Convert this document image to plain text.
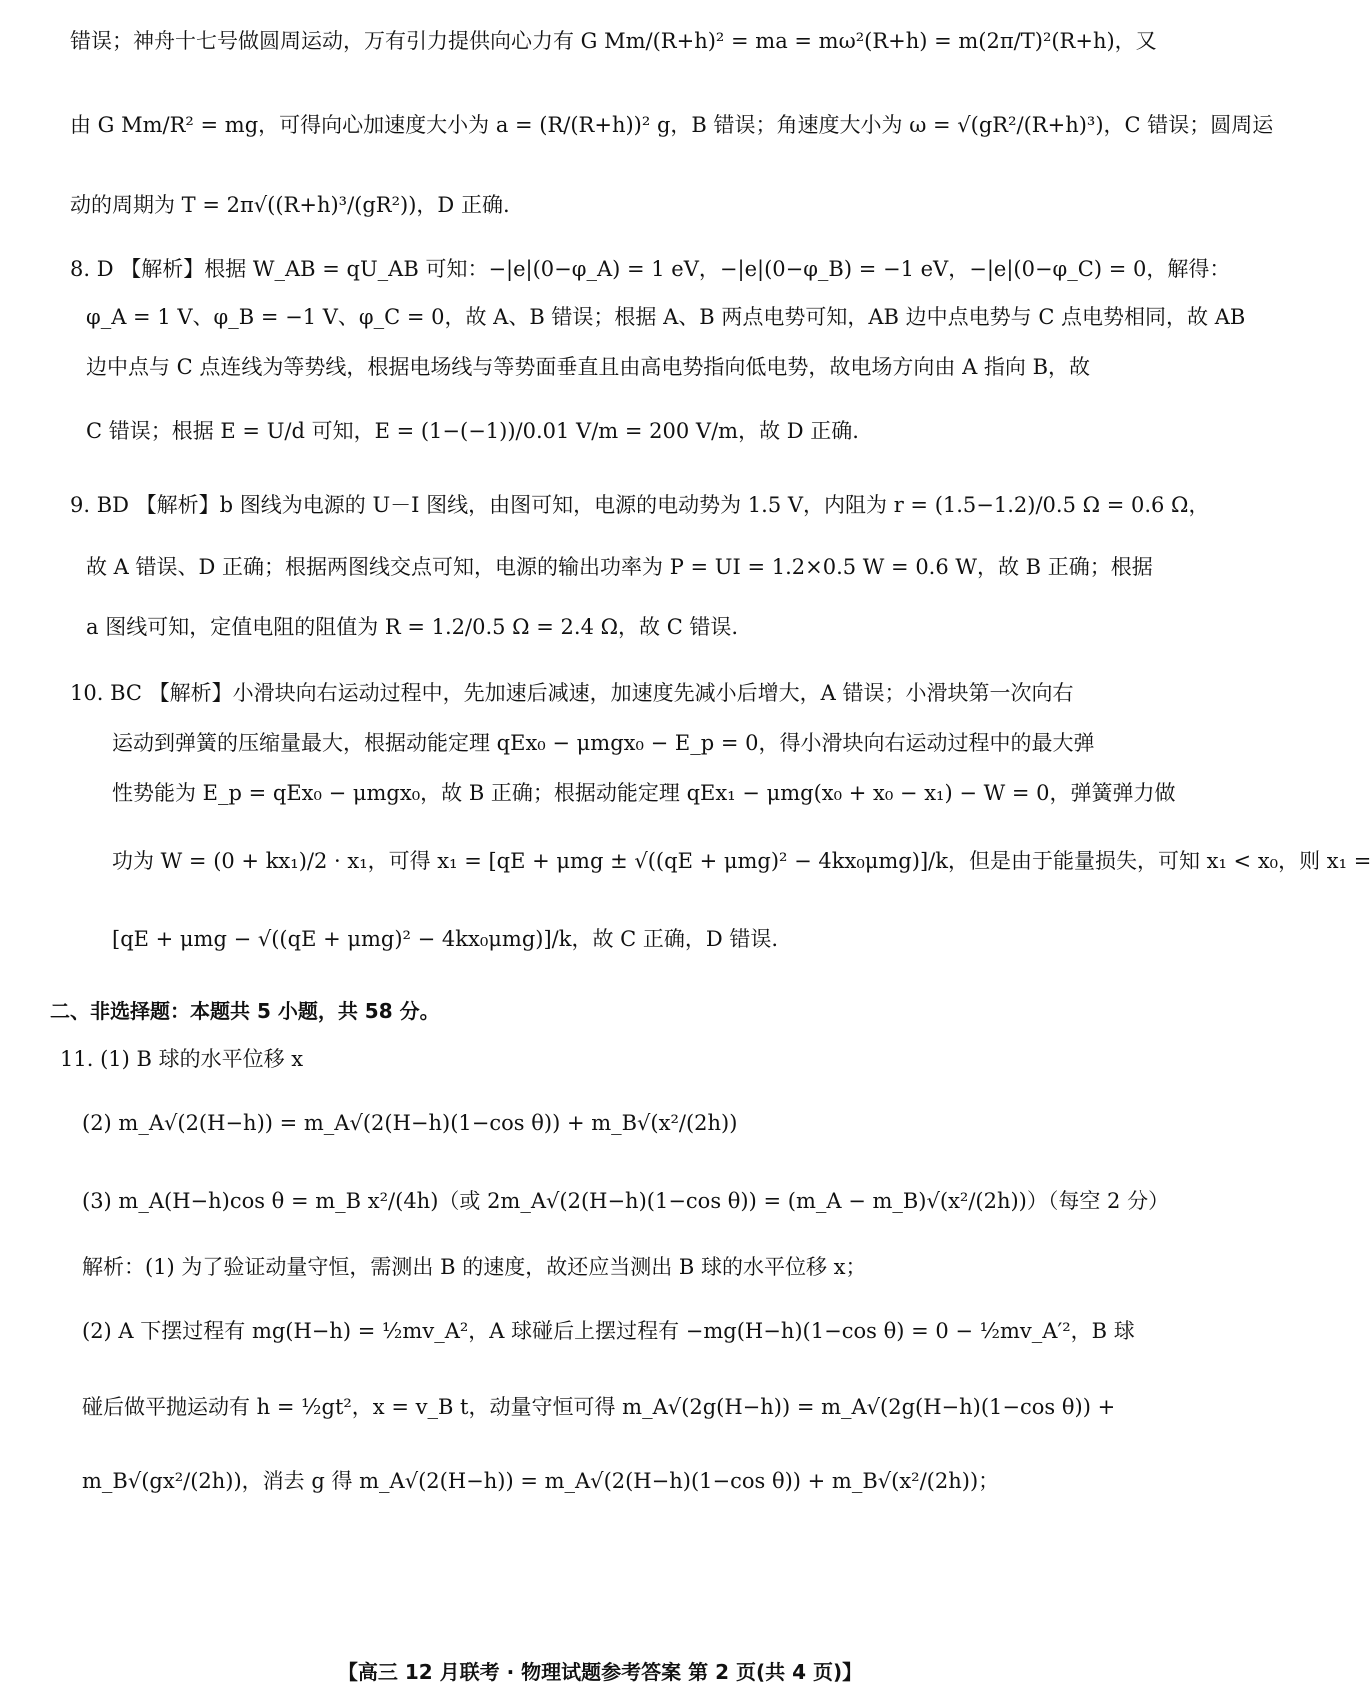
错误；神舟十七号做圆周运动，万有引力提供向心力有 G Mm/(R+h)² = ma = mω²(R+h) = m(2π/T)²(R+h)，又
由 G Mm/R² = mg，可得向心加速度大小为 a = (R/(R+h))² g，B 错误；角速度大小为 ω = √(gR²/(R+h)³)，C 错误；圆周运
动的周期为 T = 2π√((R+h)³/(gR²))，D 正确.
8. D 【解析】根据 W_AB = qU_AB 可知：−|e|(0−φ_A) = 1 eV，−|e|(0−φ_B) = −1 eV，−|e|(0−φ_C) = 0，解得：
φ_A = 1 V、φ_B = −1 V、φ_C = 0，故 A、B 错误；根据 A、B 两点电势可知，AB 边中点电势与 C 点电势相同，故 AB
边中点与 C 点连线为等势线，根据电场线与等势面垂直且由高电势指向低电势，故电场方向由 A 指向 B，故
C 错误；根据 E = U/d 可知，E = (1−(−1))/0.01 V/m = 200 V/m，故 D 正确.
9. BD 【解析】b 图线为电源的 U－I 图线，由图可知，电源的电动势为 1.5 V，内阻为 r = (1.5−1.2)/0.5 Ω = 0.6 Ω，
故 A 错误、D 正确；根据两图线交点可知，电源的输出功率为 P = UI = 1.2×0.5 W = 0.6 W，故 B 正确；根据
a 图线可知，定值电阻的阻值为 R = 1.2/0.5 Ω = 2.4 Ω，故 C 错误.
10. BC 【解析】小滑块向右运动过程中，先加速后减速，加速度先减小后增大，A 错误；小滑块第一次向右
运动到弹簧的压缩量最大，根据动能定理 qEx₀ − μmgx₀ − E_p = 0，得小滑块向右运动过程中的最大弹
性势能为 E_p = qEx₀ − μmgx₀，故 B 正确；根据动能定理 qEx₁ − μmg(x₀ + x₀ − x₁) − W = 0，弹簧弹力做
功为 W = (0 + kx₁)/2 · x₁，可得 x₁ = [qE + μmg ± √((qE + μmg)² − 4kx₀μmg)]/k，但是由于能量损失，可知 x₁ < x₀，则 x₁ =
[qE + μmg − √((qE + μmg)² − 4kx₀μmg)]/k，故 C 正确，D 错误.
二、非选择题：本题共 5 小题，共 58 分。
11. (1) B 球的水平位移 x
(2) m_A√(2(H−h)) = m_A√(2(H−h)(1−cos θ)) + m_B√(x²/(2h))
(3) m_A(H−h)cos θ = m_B x²/(4h)（或 2m_A√(2(H−h)(1−cos θ)) = (m_A − m_B)√(x²/(2h))）（每空 2 分）
解析：(1) 为了验证动量守恒，需测出 B 的速度，故还应当测出 B 球的水平位移 x；
(2) A 下摆过程有 mg(H−h) = ½mv_A²，A 球碰后上摆过程有 −mg(H−h)(1−cos θ) = 0 − ½mv_A′²，B 球
碰后做平抛运动有 h = ½gt²，x = v_B t，动量守恒可得 m_A√(2g(H−h)) = m_A√(2g(H−h)(1−cos θ)) +
m_B√(gx²/(2h))，消去 g 得 m_A√(2(H−h)) = m_A√(2(H−h)(1−cos θ)) + m_B√(x²/(2h))；
【高三 12 月联考 · 物理试题参考答案 第 2 页(共 4 页)】
